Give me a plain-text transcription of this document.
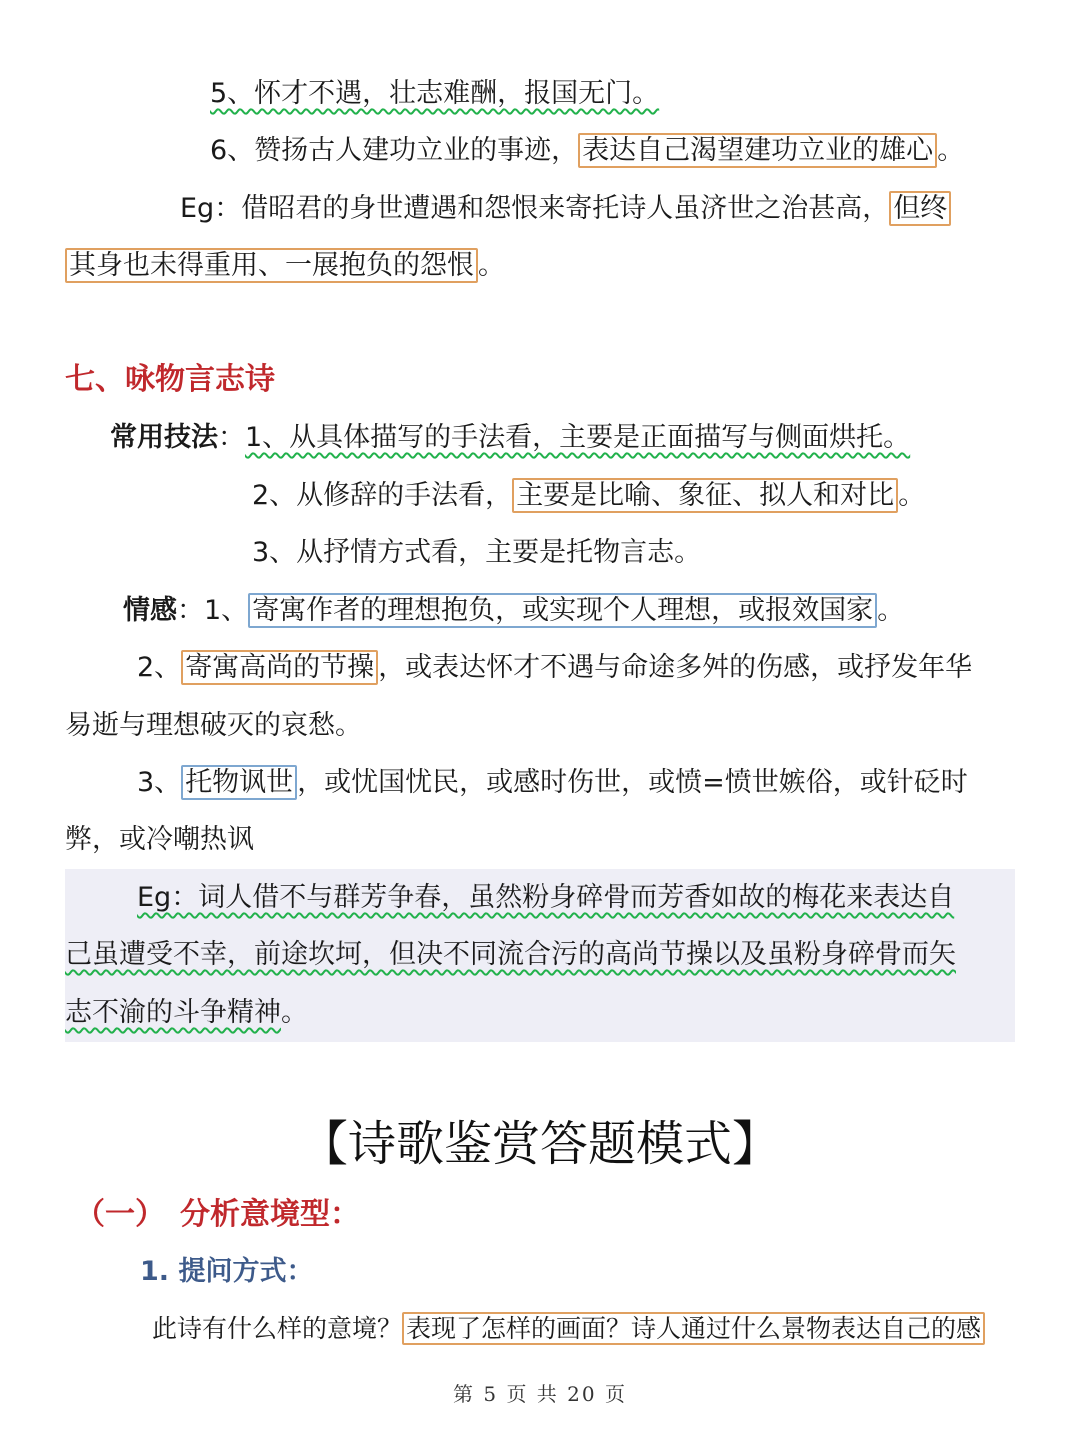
5、怀才不遇，壮志难酬，报国无门。
6、赞扬古人建功立业的事迹， 表达自己渴望建功立业的雄心 。
Eg：借昭君的身世遭遇和怨恨来寄托诗人虽济世之治甚高， 但终
其身也未得重用、一展抱负的怨恨 。
七、咏物言志诗
常用技法：1、从具体描写的手法看，主要是正面描写与侧面烘托。
2、从修辞的手法看， 主要是比喻、象征、拟人和对比 。
3、从抒情方式看，主要是托物言志。
情感：1、 寄寓作者的理想抱负，或实现个人理想，或报效国家 。
2、 寄寓高尚的节操 ，或表达怀才不遇与命途多舛的伤感，或抒发年华
易逝与理想破灭的哀愁。
3、 托物讽世 ，或忧国忧民，或感时伤世，或愤=愤世嫉俗，或针砭时
弊，或冷嘲热讽
Eg：词人借不与群芳争春，虽然粉身碎骨而芳香如故的梅花来表达自
己虽遭受不幸，前途坎坷，但决不同流合污的高尚节操以及虽粉身碎骨而矢
志不渝的斗争精神。
【诗歌鉴赏答题模式】
（一）　分析意境型：
1. 提问方式：
此诗有什么样的意境？ 表现了怎样的画面？诗人通过什么景物表达自己的感
第 5 页 共 20 页
